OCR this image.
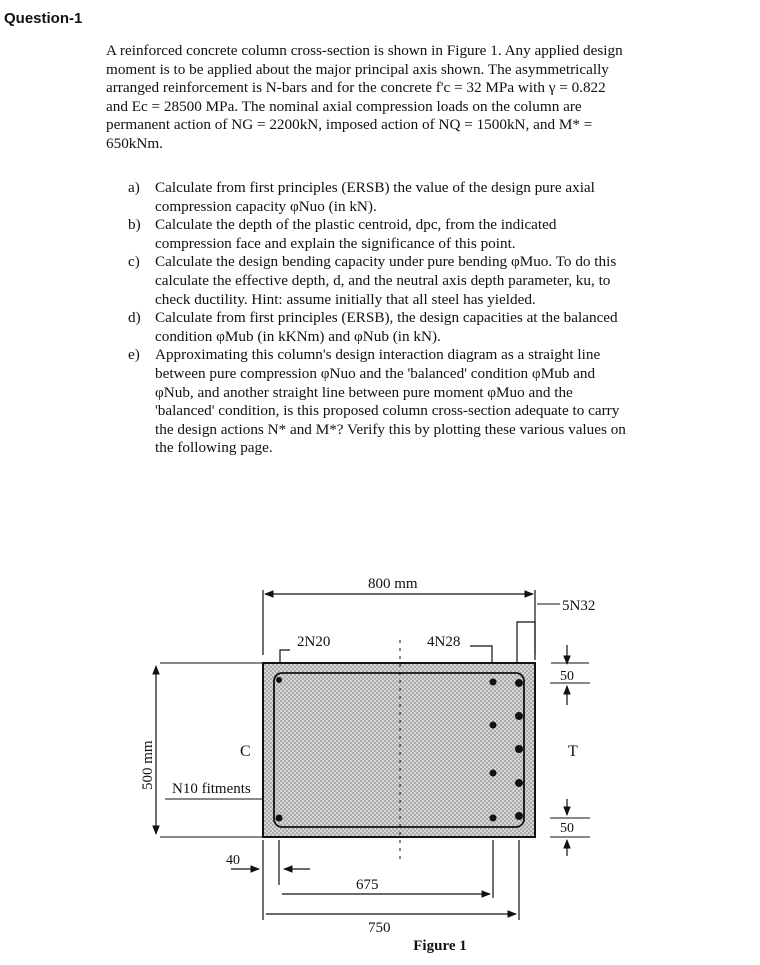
Question-1
A reinforced concrete column cross-section is shown in Figure 1. Any applied design
moment is to be applied about the major principal axis shown. The asymmetrically
arranged reinforcement is N-bars and for the concrete f'c = 32 MPa with γ = 0.822
and Ec = 28500 MPa. The nominal axial compression loads on the column are
permanent action of NG = 2200kN, imposed action of NQ = 1500kN, and M* =
650kNm.
a) Calculate from first principles (ERSB) the value of the design pure axial
compression capacity φNuo (in kN).
b) Calculate the depth of the plastic centroid, dpc, from the indicated
compression face and explain the significance of this point.
c) Calculate the design bending capacity under pure bending φMuo. To do this
calculate the effective depth, d, and the neutral axis depth parameter, ku, to
check ductility. Hint: assume initially that all steel has yielded.
d) Calculate from first principles (ERSB), the design capacities at the balanced
condition φMub (in kKNm) and φNub (in kN).
e) Approximating this column's design interaction diagram as a straight line
between pure compression φNuo and the 'balanced' condition φMub and
φNub, and another straight line between pure moment φMuo and the
'balanced' condition, is this proposed column cross-section adequate to carry
the design actions N* and M*? Verify this by plotting these various values on
the following page.
800 mm
5N32
2N20	4N28
500 mm	C
N10 fitments
50
T
50
40
675
750
Figure 1
